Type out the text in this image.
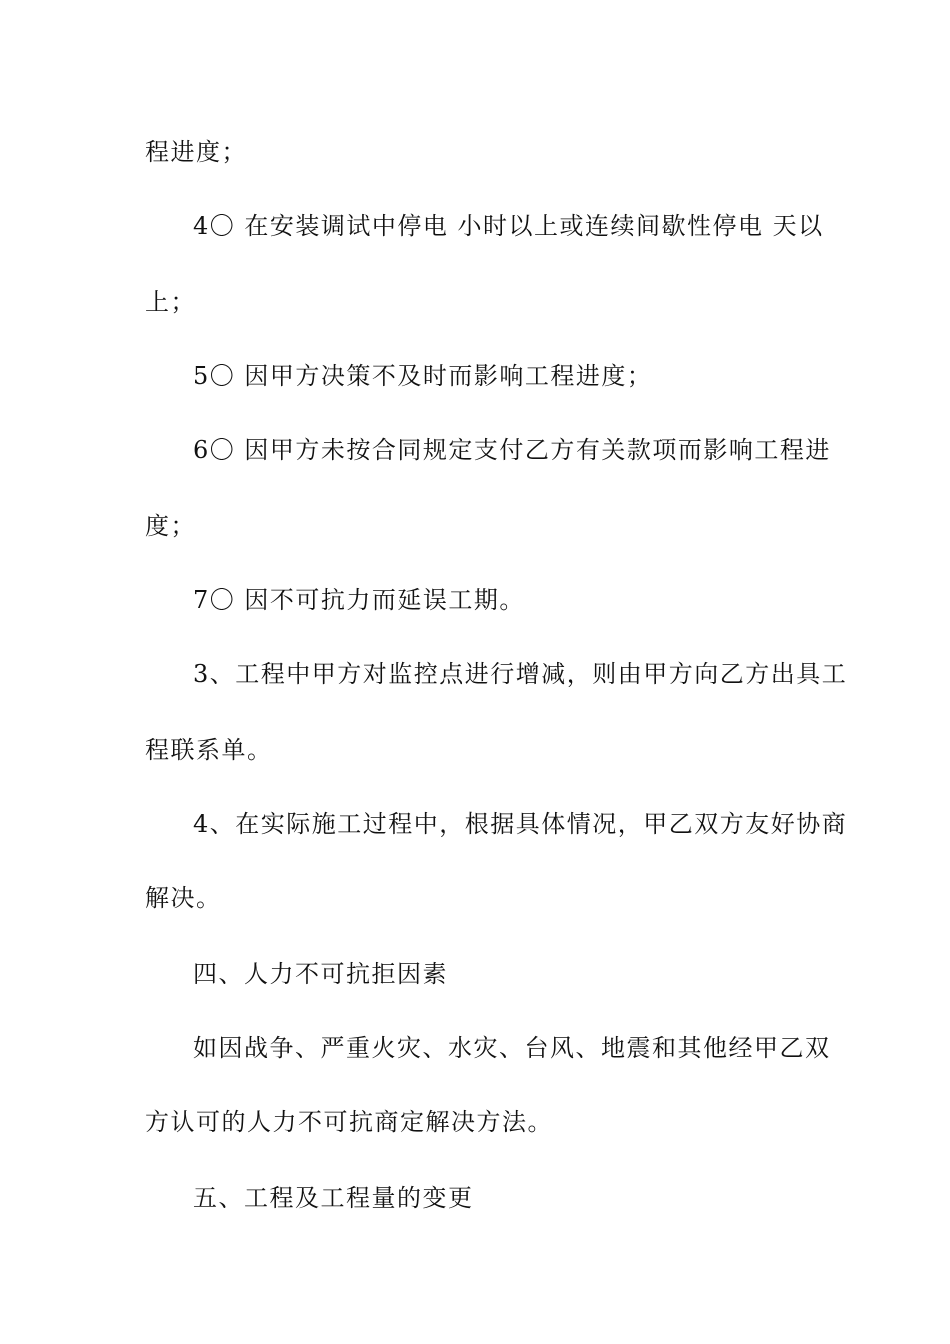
程进度；
4〇 在安装调试中停电 小时以上或连续间歇性停电 天以
上；
5〇 因甲方决策不及时而影响工程进度；
6〇 因甲方未按合同规定支付乙方有关款项而影响工程进
度；
7〇 因不可抗力而延误工期。
3、工程中甲方对监控点进行增减，则由甲方向乙方出具工
程联系单。
4、在实际施工过程中，根据具体情况，甲乙双方友好协商
解决。
四、人力不可抗拒因素
如因战争、严重火灾、水灾、台风、地震和其他经甲乙双
方认可的人力不可抗商定解决方法。
五、工程及工程量的变更
